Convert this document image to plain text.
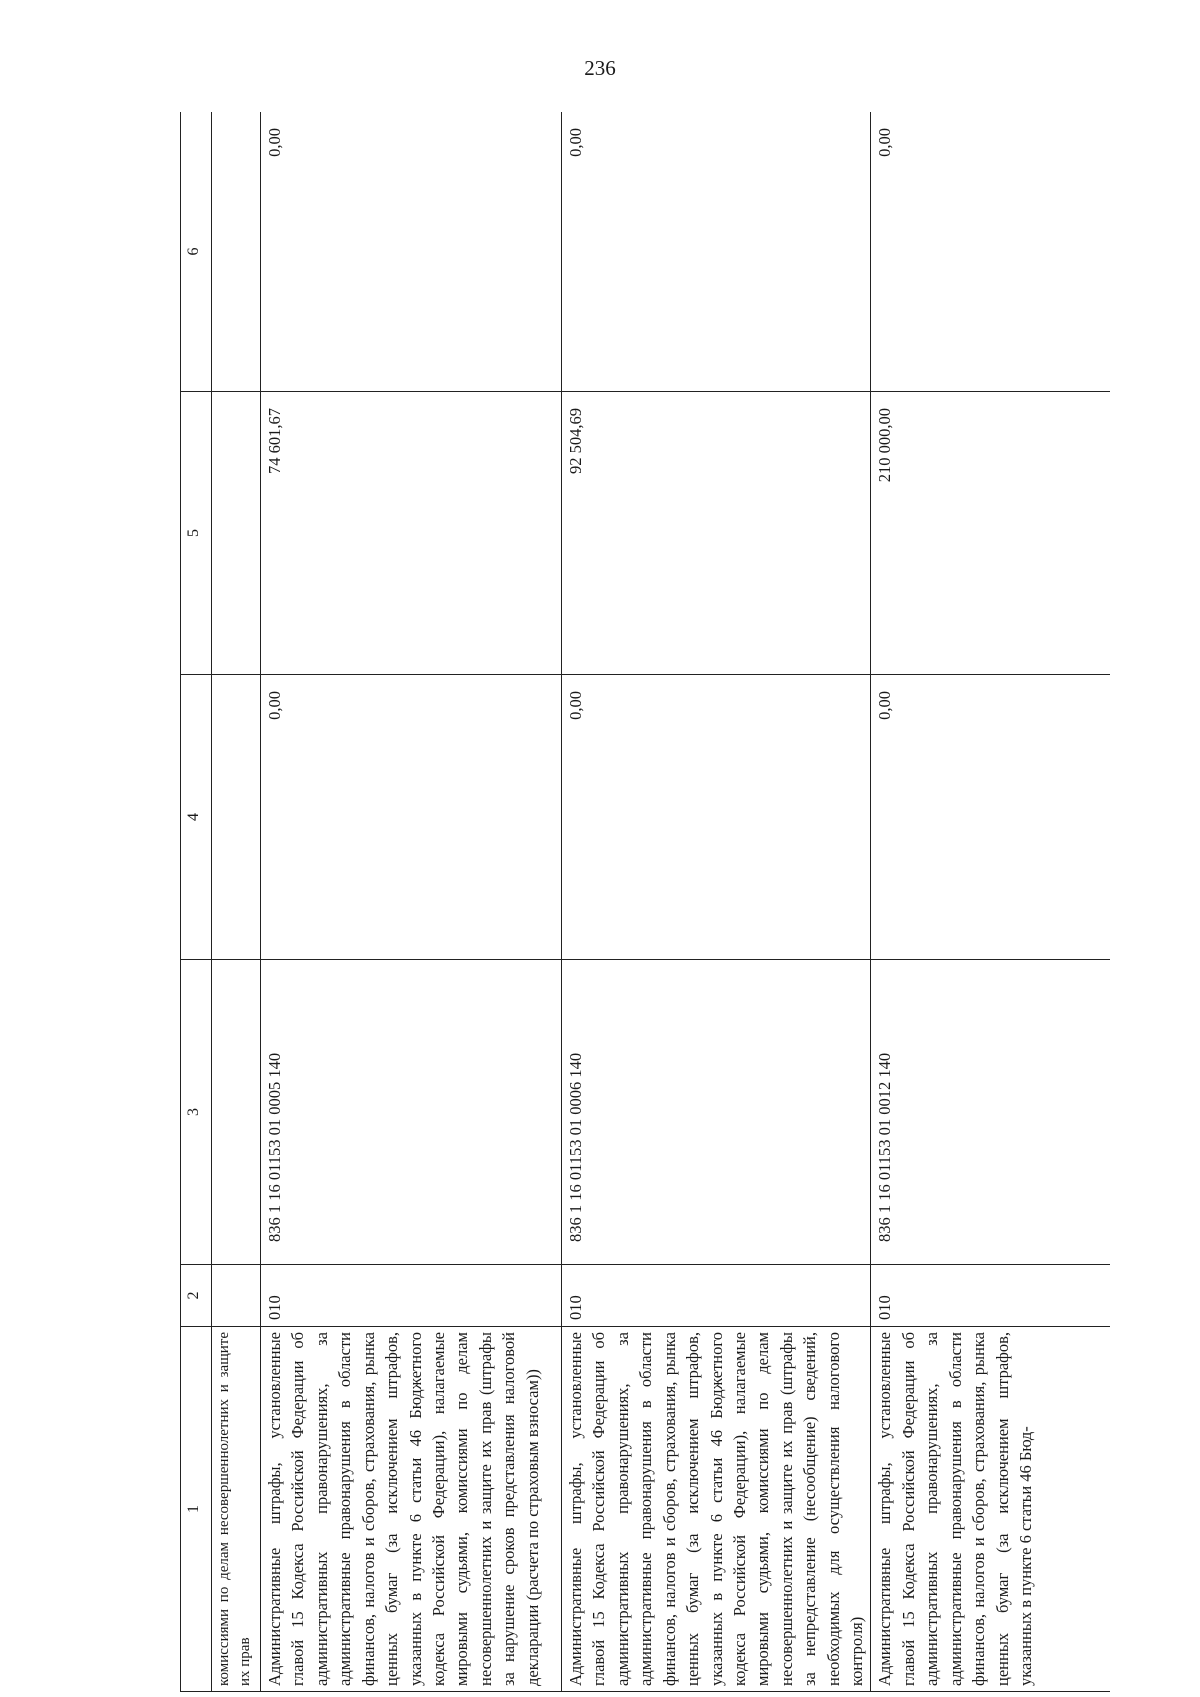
236
1	2	3	4	5	6
комиссиями по делам несовершеннолетних и защите их прав					
Административные штрафы, установленные главой 15 Кодекса Российской Федерации об административных правонарушениях, за административные правонарушения в области финансов, налогов и сборов, страхования, рынка ценных бумаг (за исключением штрафов, указанных в пункте 6 статьи 46 Бюджетного кодекса Российской Федерации), налагаемые мировыми судьями, комиссиями по делам несовершеннолетних и защите их прав (штрафы за нарушение сроков представления налоговой декларации (расчета по страховым взносам))	010	836 1 16 01153 01 0005 140	0,00	74 601,67	0,00
Административные штрафы, установленные главой 15 Кодекса Российской Федерации об административных правонарушениях, за административные правонарушения в области финансов, налогов и сборов, страхования, рынка ценных бумаг (за исключением штрафов, указанных в пункте 6 статьи 46 Бюджетного кодекса Российской Федерации), налагаемые мировыми судьями, комиссиями по делам несовершеннолетних и защите их прав (штрафы за непредставление (несообщение) сведений, необходимых для осуществления налогового контроля)	010	836 1 16 01153 01 0006 140	0,00	92 504,69	0,00
Административные штрафы, установленные главой 15 Кодекса Российской Федерации об административных правонарушениях, за административные правонарушения в области финансов, налогов и сборов, страхования, рынка ценных бумаг (за исключением штрафов, указанных в пункте 6 статьи 46 Бюд-	010	836 1 16 01153 01 0012 140	0,00	210 000,00	0,00
